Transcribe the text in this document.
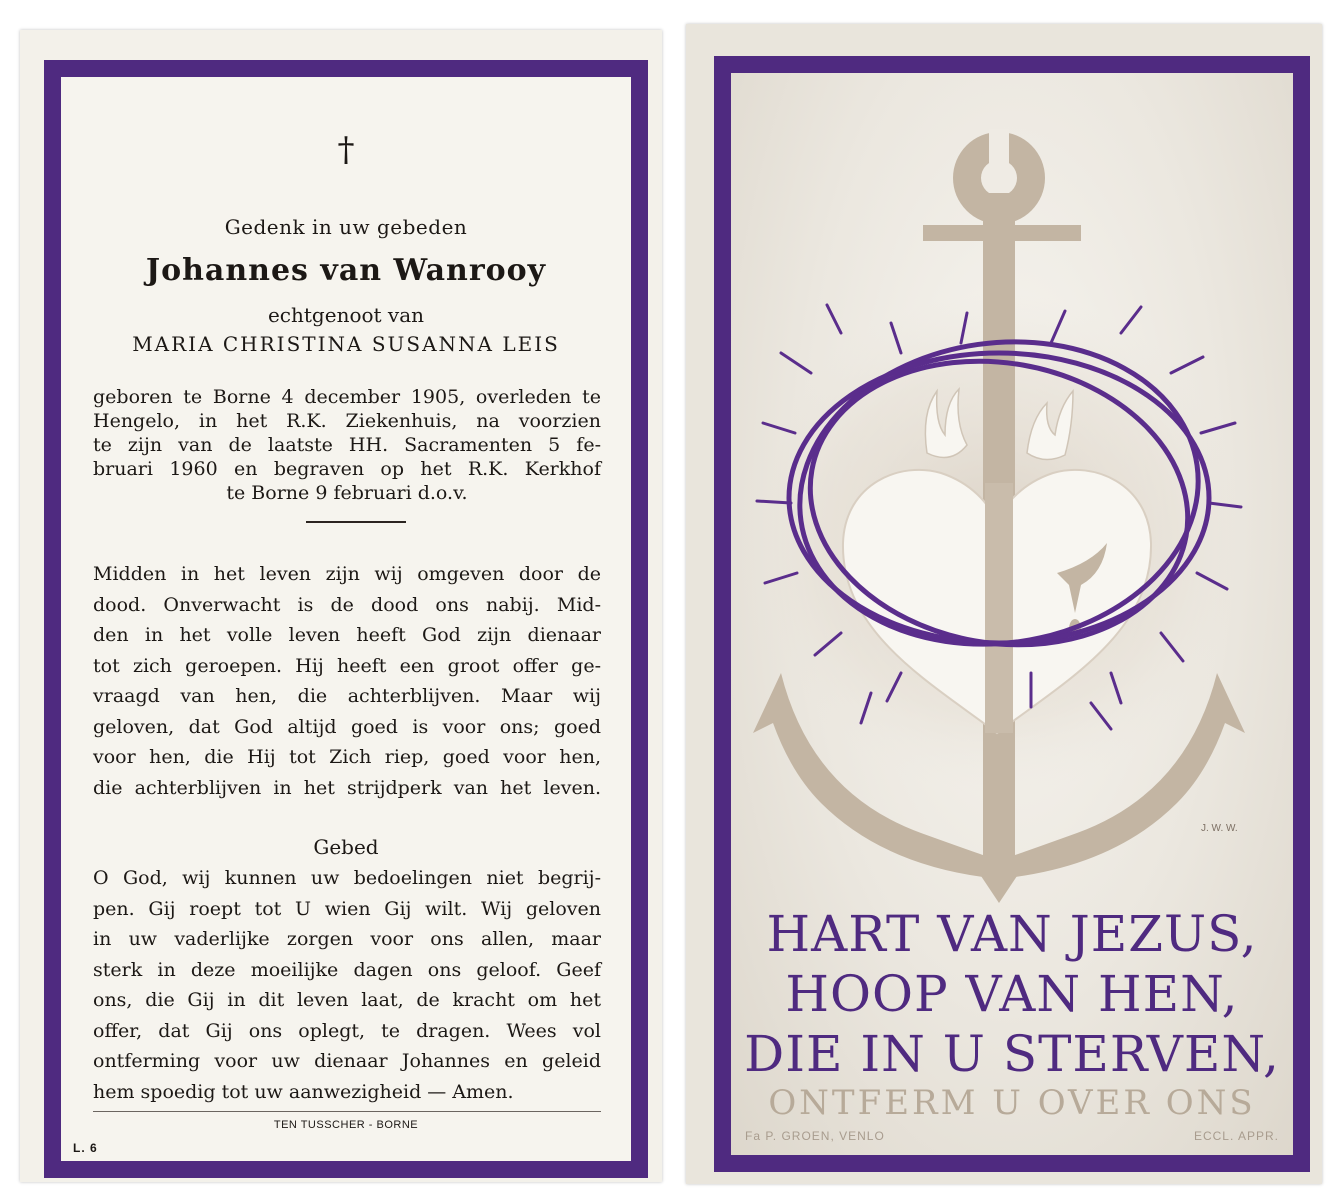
†
Gedenk in uw gebeden
Johannes van Wanrooy
echtgenoot van
MARIA CHRISTINA SUSANNA LEIS
geboren te Borne 4 december 1905, overleden te
Hengelo, in het R.K. Ziekenhuis, na voorzien
te zijn van de laatste HH. Sacramenten 5 fe-
bruari 1960 en begraven op het R.K. Kerkhof
te Borne 9 februari d.o.v.
Midden in het leven zijn wij omgeven door de
dood. Onverwacht is de dood ons nabij. Mid-
den in het volle leven heeft God zijn dienaar
tot zich geroepen. Hij heeft een groot offer ge-
vraagd van hen, die achterblijven. Maar wij
geloven, dat God altijd goed is voor ons; goed
voor hen, die Hij tot Zich riep, goed voor hen,
die achterblijven in het strijdperk van het leven.
Gebed
O God, wij kunnen uw bedoelingen niet begrij-
pen. Gij roept tot U wien Gij wilt. Wij geloven
in uw vaderlijke zorgen voor ons allen, maar
sterk in deze moeilijke dagen ons geloof. Geef
ons, die Gij in dit leven laat, de kracht om het
offer, dat Gij ons oplegt, te dragen. Wees vol
ontferming voor uw dienaar Johannes en geleid
hem spoedig tot uw aanwezigheid — Amen.
TEN TUSSCHER - BORNE
L. 6
J. W. W.
HART VAN JEZUS,
HOOP VAN HEN,
DIE IN U STERVEN,
ONTFERM U OVER ONS
Fa P. GROEN, VENLO	ECCL. APPR.
